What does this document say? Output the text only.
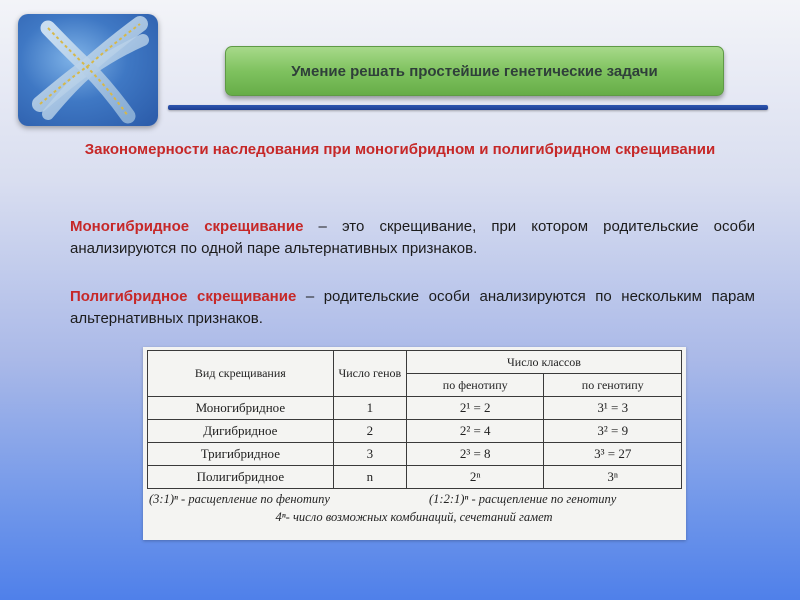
Умение решать простейшие генетические задачи
Закономерности наследования при моногибридном и полигибридном скрещивании
Моногибридное скрещивание – это скрещивание, при котором родительские особи анализируются по одной паре альтернативных признаков.
Полигибридное скрещивание – родительские особи анализируются по нескольким парам альтернативных признаков.
Вид скрещивания	Число генов	Число классов	
		по фенотипу	по генотипу
Моногибридное	1	2¹ = 2	3¹ = 3
Дигибридное	2	2² = 4	3² = 9
Тригибридное	3	2³ = 8	3³ = 27
Полигибридное	n	2ⁿ	3ⁿ
(3:1)ⁿ - расщепление по фенотипу	(1:2:1)ⁿ - расщепление по генотипу
4ⁿ- число возможных комбинаций, сечетаний гамет
